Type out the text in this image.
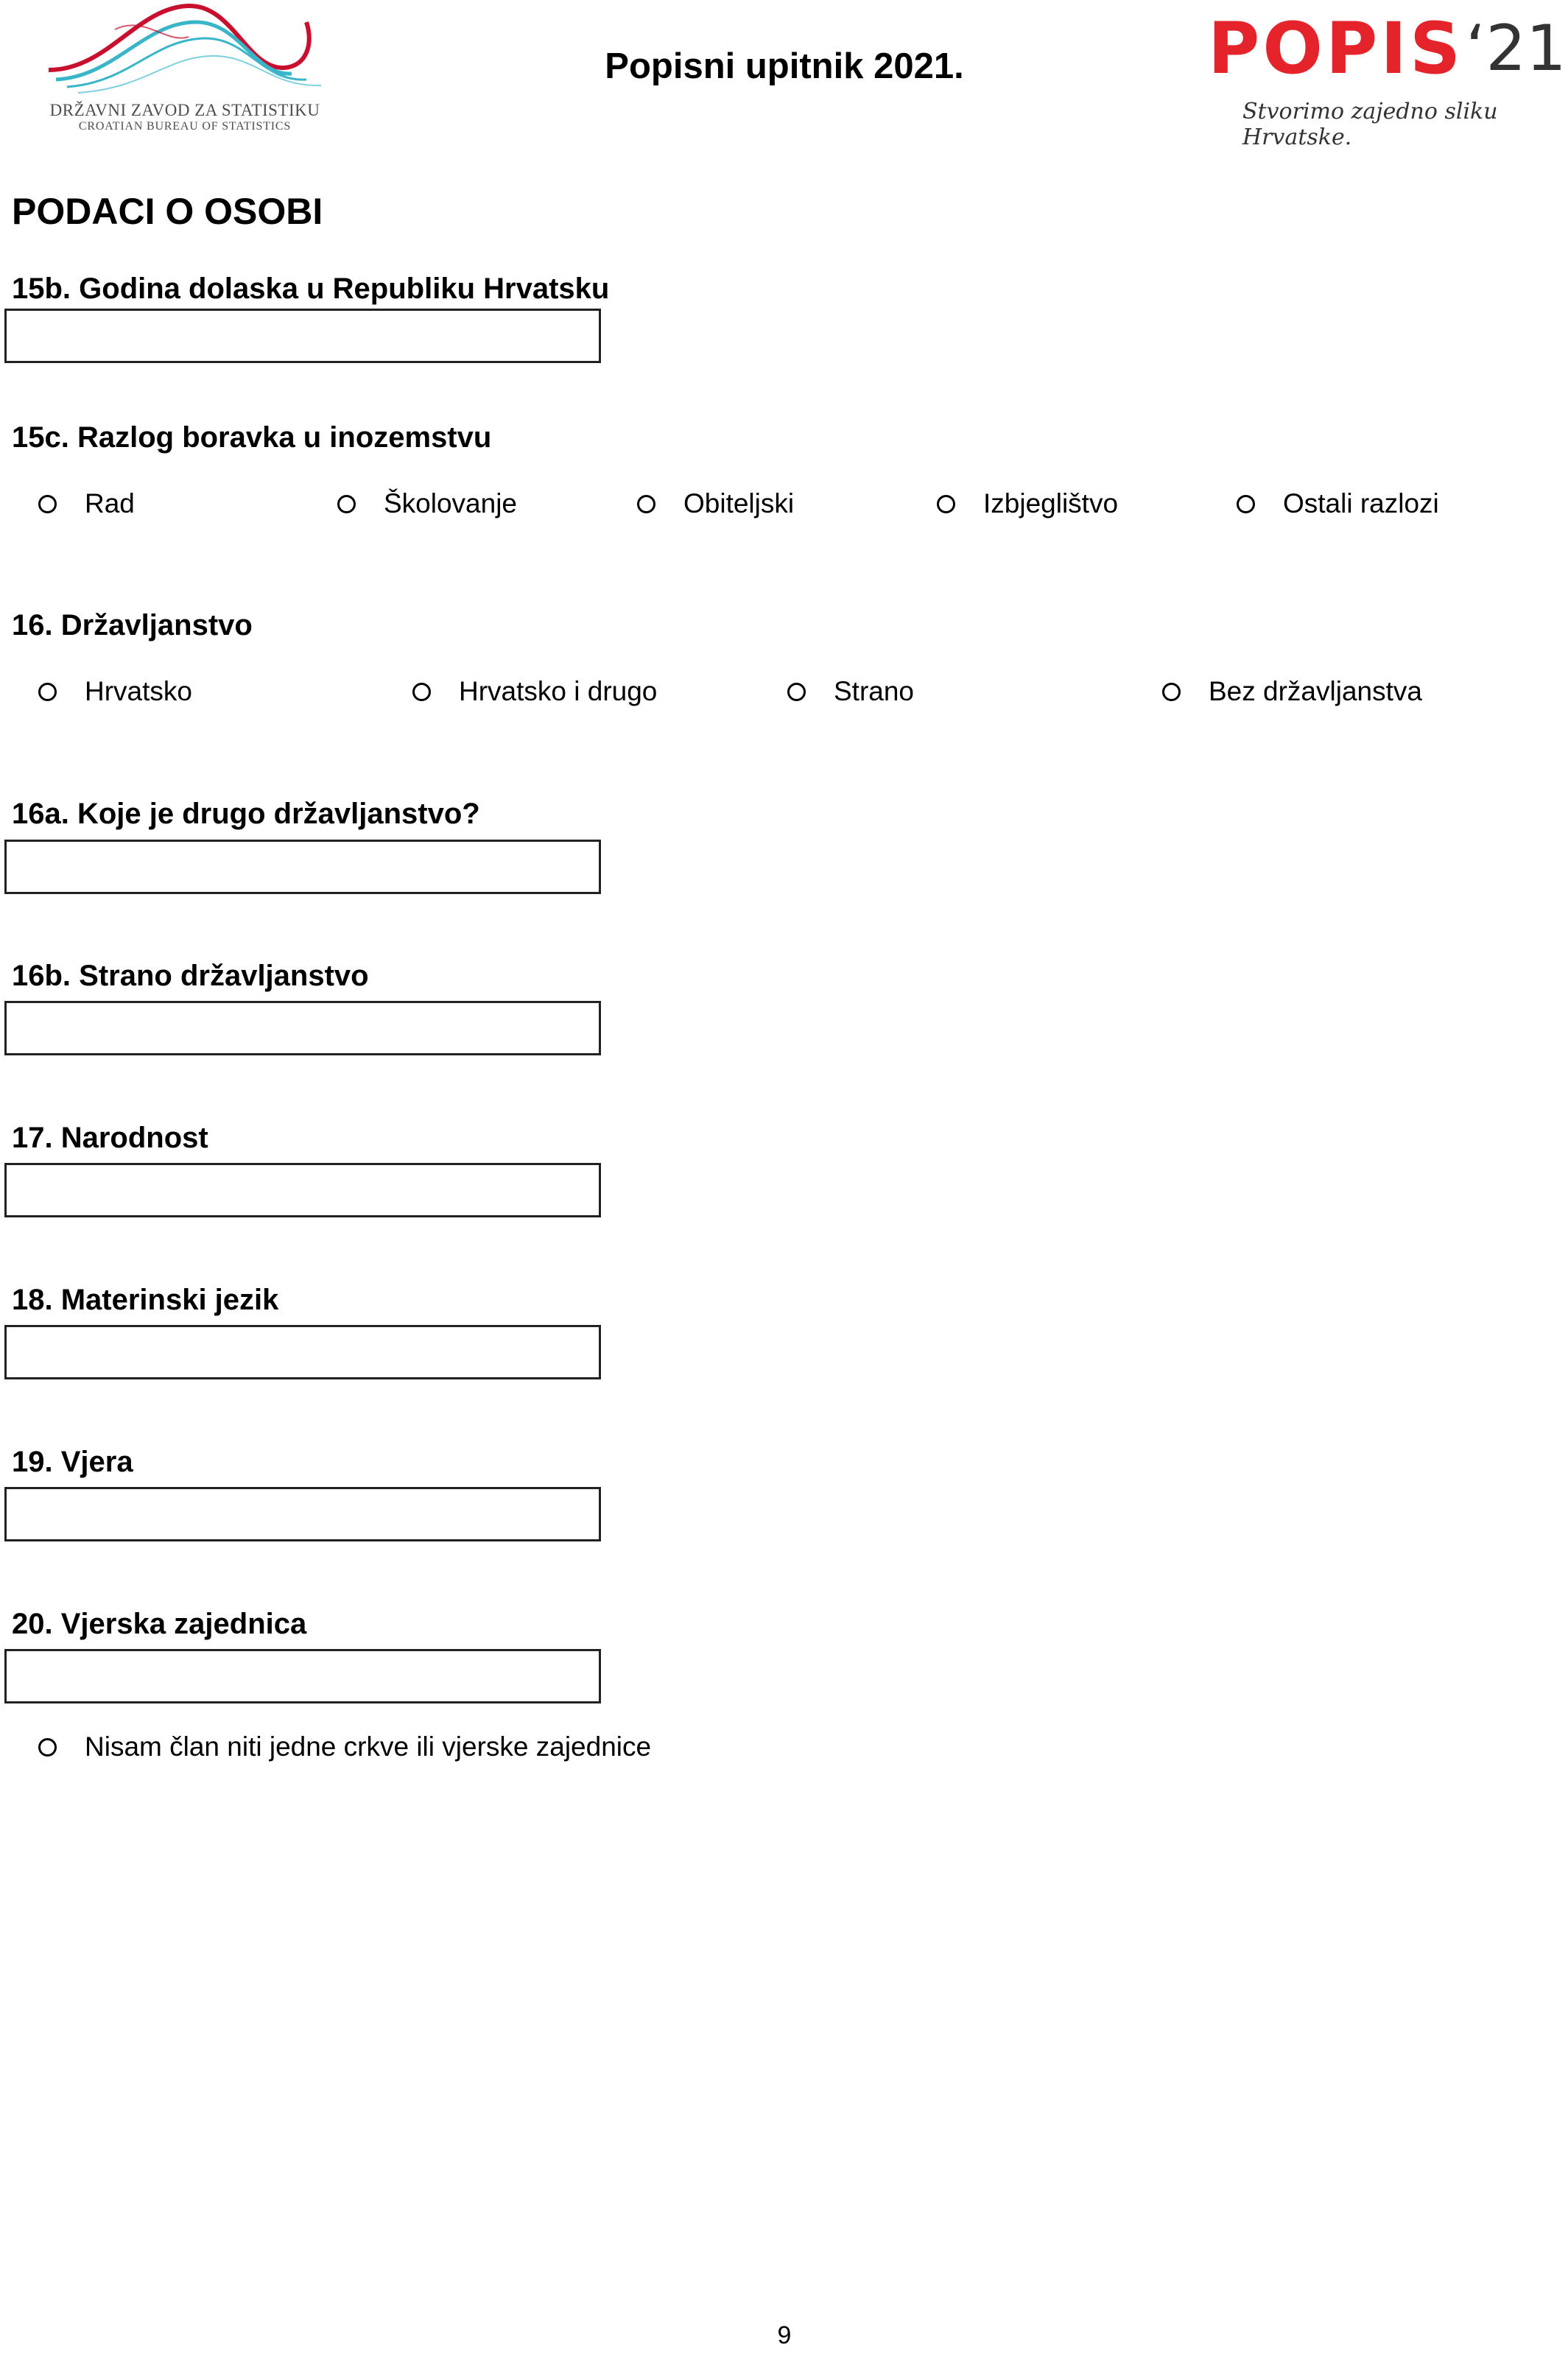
DRŽAVNI ZAVOD ZA STATISTIKU
CROATIAN BUREAU OF STATISTICS
Popisni upitnik 2021.	POPIS ‘21
Stvorimo zajedno sliku Hrvatske.
PODACI O OSOBI
15b. Godina dolaska u Republiku Hrvatsku
15c. Razlog boravka u inozemstvu
Rad	Školovanje	Obiteljski	Izbjeglištvo	Ostali razlozi
16. Državljanstvo
Hrvatsko	Hrvatsko i drugo	Strano	Bez državljanstva
16a. Koje je drugo državljanstvo?
16b. Strano državljanstvo
17. Narodnost
18. Materinski jezik
19. Vjera
20. Vjerska zajednica
Nisam član niti jedne crkve ili vjerske zajednice
9
